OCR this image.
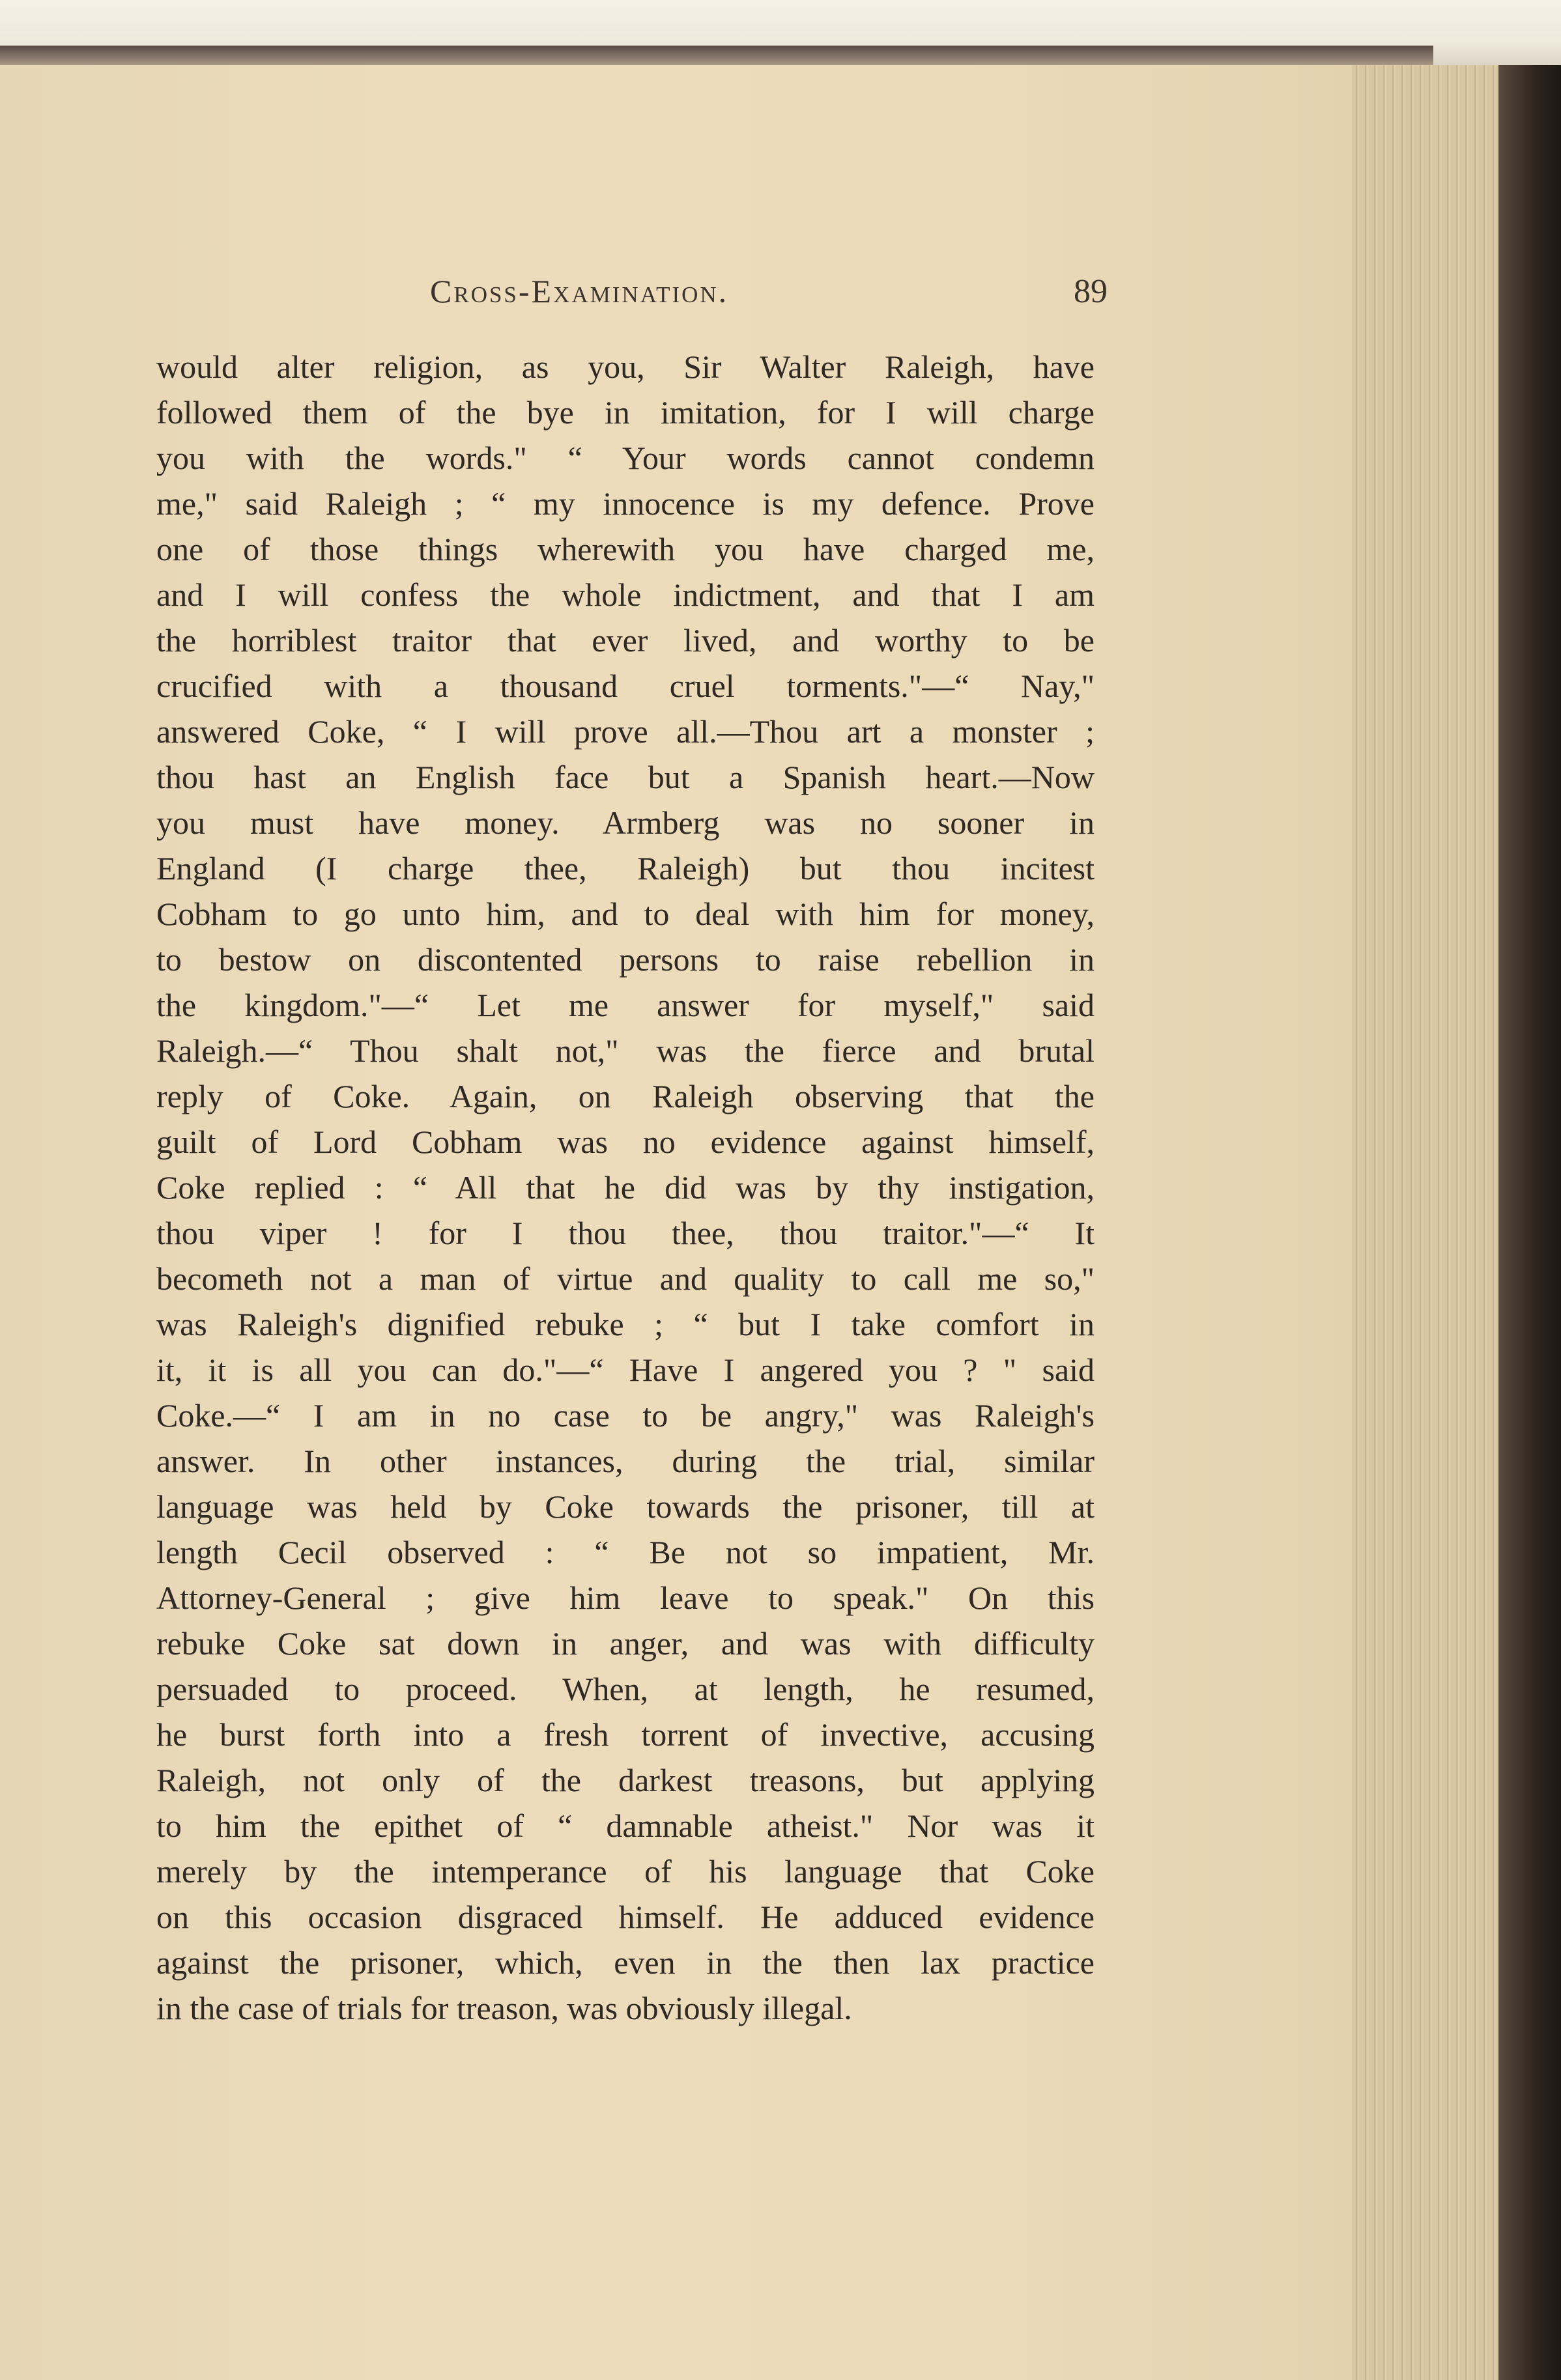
Cross-Examination.	89
would alter religion, as you, Sir Walter Raleigh, have
followed them of the bye in imitation, for I will charge
you with the words." “ Your words cannot condemn
me," said Raleigh ; “ my innocence is my defence. Prove
one of those things wherewith you have charged me,
and I will confess the whole indictment, and that I am
the horriblest traitor that ever lived, and worthy to be
crucified with a thousand cruel torments."—“ Nay,"
answered Coke, “ I will prove all.—Thou art a monster ;
thou hast an English face but a Spanish heart.—Now
you must have money. Armberg was no sooner in
England (I charge thee, Raleigh) but thou incitest
Cobham to go unto him, and to deal with him for money,
to bestow on discontented persons to raise rebellion in
the kingdom."—“ Let me answer for myself," said
Raleigh.—“ Thou shalt not," was the fierce and brutal
reply of Coke. Again, on Raleigh observing that the
guilt of Lord Cobham was no evidence against himself,
Coke replied : “ All that he did was by thy instigation,
thou viper ! for I thou thee, thou traitor."—“ It
becometh not a man of virtue and quality to call me so,"
was Raleigh's dignified rebuke ; “ but I take comfort in
it, it is all you can do."—“ Have I angered you ? " said
Coke.—“ I am in no case to be angry," was Raleigh's
answer. In other instances, during the trial, similar
language was held by Coke towards the prisoner, till at
length Cecil observed : “ Be not so impatient, Mr.
Attorney-General ; give him leave to speak." On this
rebuke Coke sat down in anger, and was with difficulty
persuaded to proceed. When, at length, he resumed,
he burst forth into a fresh torrent of invective, accusing
Raleigh, not only of the darkest treasons, but applying
to him the epithet of “ damnable atheist." Nor was it
merely by the intemperance of his language that Coke
on this occasion disgraced himself. He adduced evidence
against the prisoner, which, even in the then lax practice
in the case of trials for treason, was obviously illegal.
